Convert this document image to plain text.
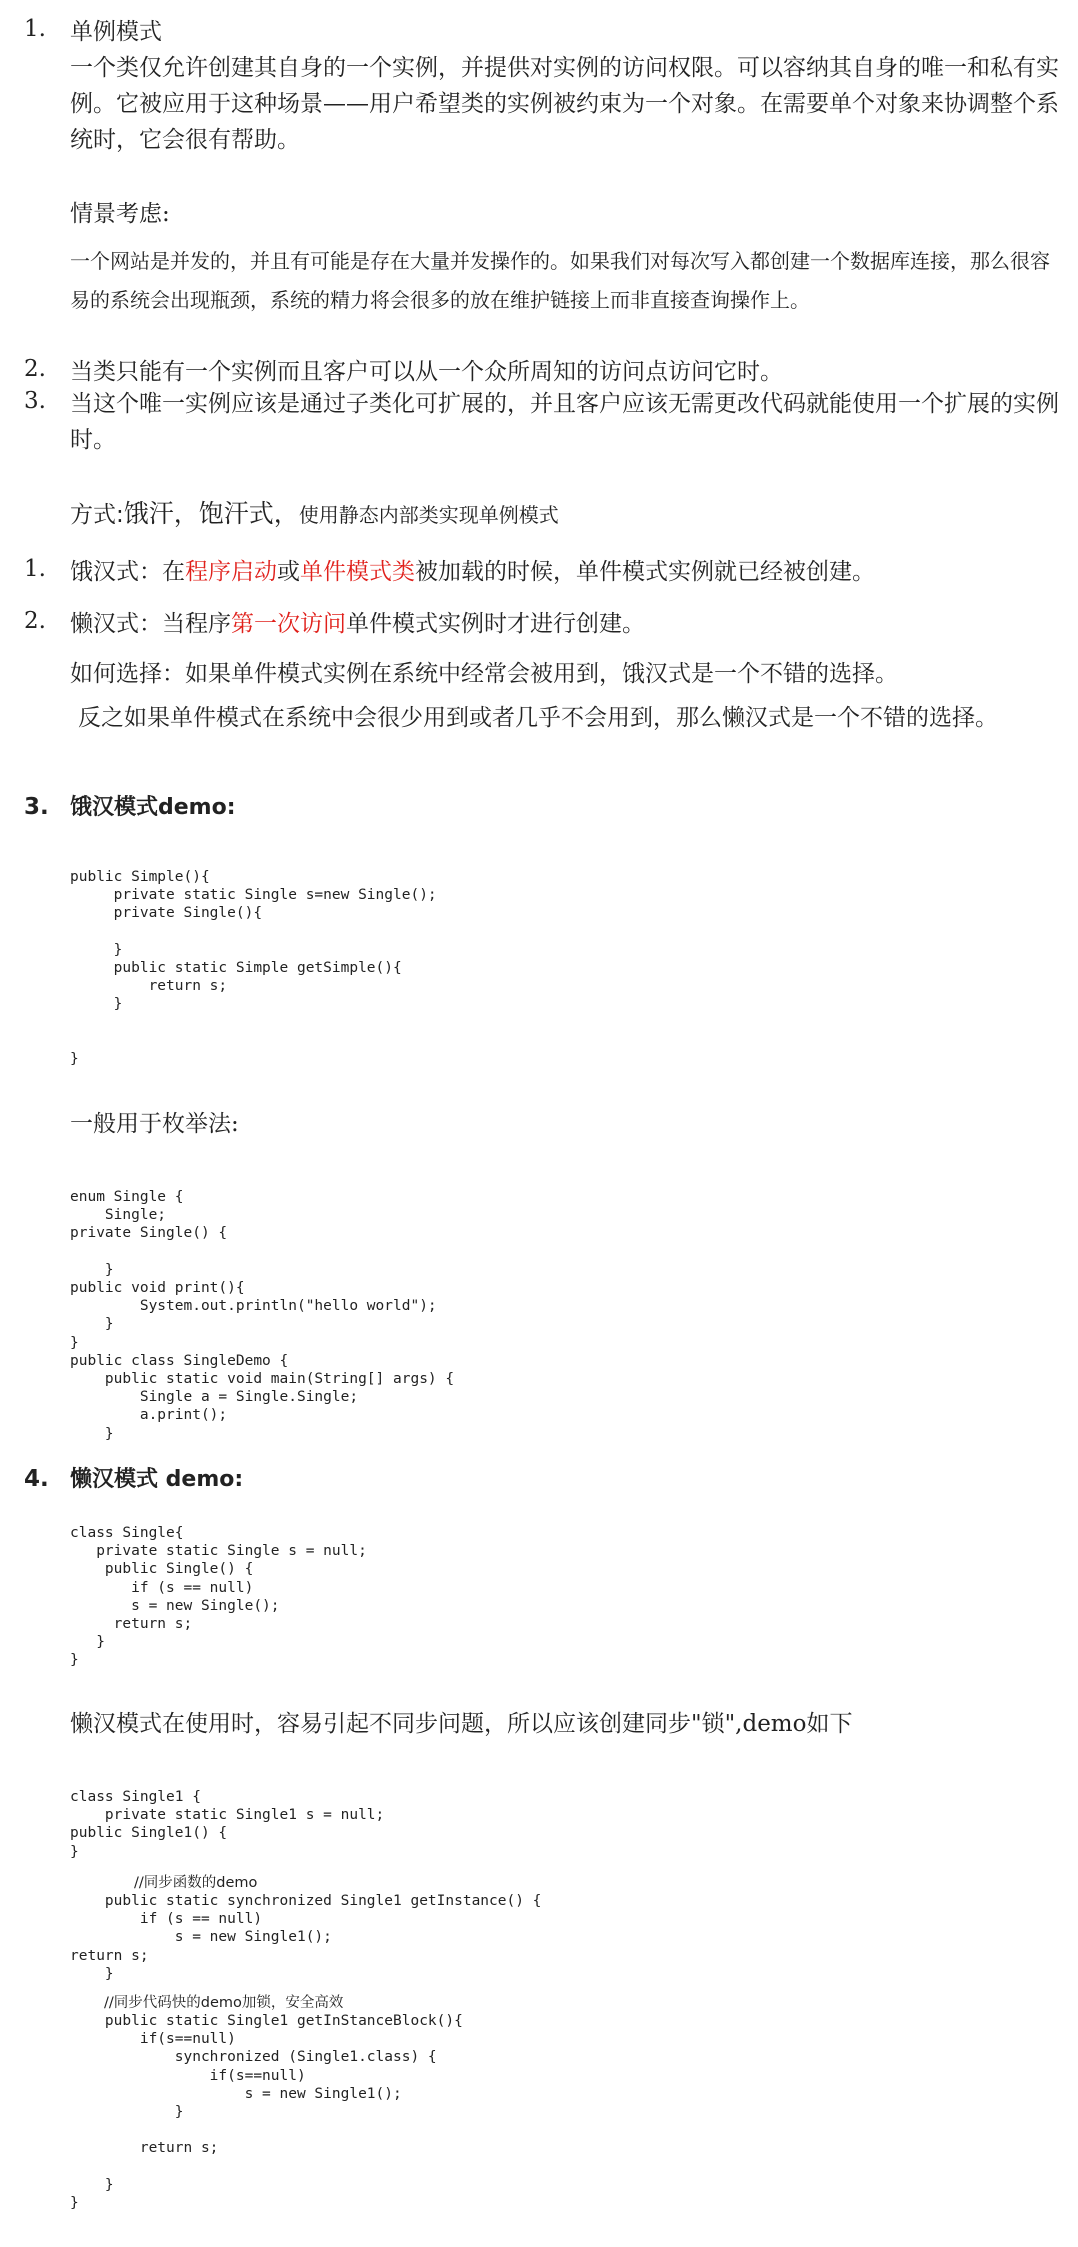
1.	单例模式
一个类仅允许创建其自身的一个实例，并提供对实例的访问权限。可以容纳其自身的唯一和私有实例。它被应用于这种场景——用户希望类的实例被约束为一个对象。在需要单个对象来协调整个系统时，它会很有帮助。
情景考虑:
一个网站是并发的，并且有可能是存在大量并发操作的。如果我们对每次写入都创建一个数据库连接，那么很容易的系统会出现瓶颈，系统的精力将会很多的放在维护链接上而非直接查询操作上。
2.	当类只能有一个实例而且客户可以从一个众所周知的访问点访问它时。
3.	当这个唯一实例应该是通过子类化可扩展的，并且客户应该无需更改代码就能使用一个扩展的实例时。
方式:饿汗，饱汗式，使用静态内部类实现单例模式
1.	饿汉式：在程序启动或单件模式类被加载的时候，单件模式实例就已经被创建。
2.	懒汉式：当程序第一次访问单件模式实例时才进行创建。
如何选择：如果单件模式实例在系统中经常会被用到，饿汉式是一个不错的选择。
反之如果单件模式在系统中会很少用到或者几乎不会用到，那么懒汉式是一个不错的选择。
3. 饿汉模式demo:
public Simple(){
private static Single s=new Single();
private Single(){

}
public static Simple getSimple(){
return s;
}

}
一般用于枚举法:
enum Single {
Single;
private Single() {

}
public void print(){
System.out.println("hello world");
}
}
public class SingleDemo {
public static void main(String[] args) {
Single a = Single.Single;
a.print();
}
4. 懒汉模式 demo:
class Single{
private static Single s = null;
public Single() {
if (s == null)
s = new Single();
return s;
}
}
懒汉模式在使用时，容易引起不同步问题，所以应该创建同步"锁",demo如下
class Single1 {
private static Single1 s = null;
public Single1() {
}
//同步函数的demo
public static synchronized Single1 getInstance() {
if (s == null)
s = new Single1();
return s;
}
//同步代码快的demo加锁，安全高效
public static Single1 getInStanceBlock(){
if(s==null)
synchronized (Single1.class) {
if(s==null)
s = new Single1();
}

return s;

}
}
